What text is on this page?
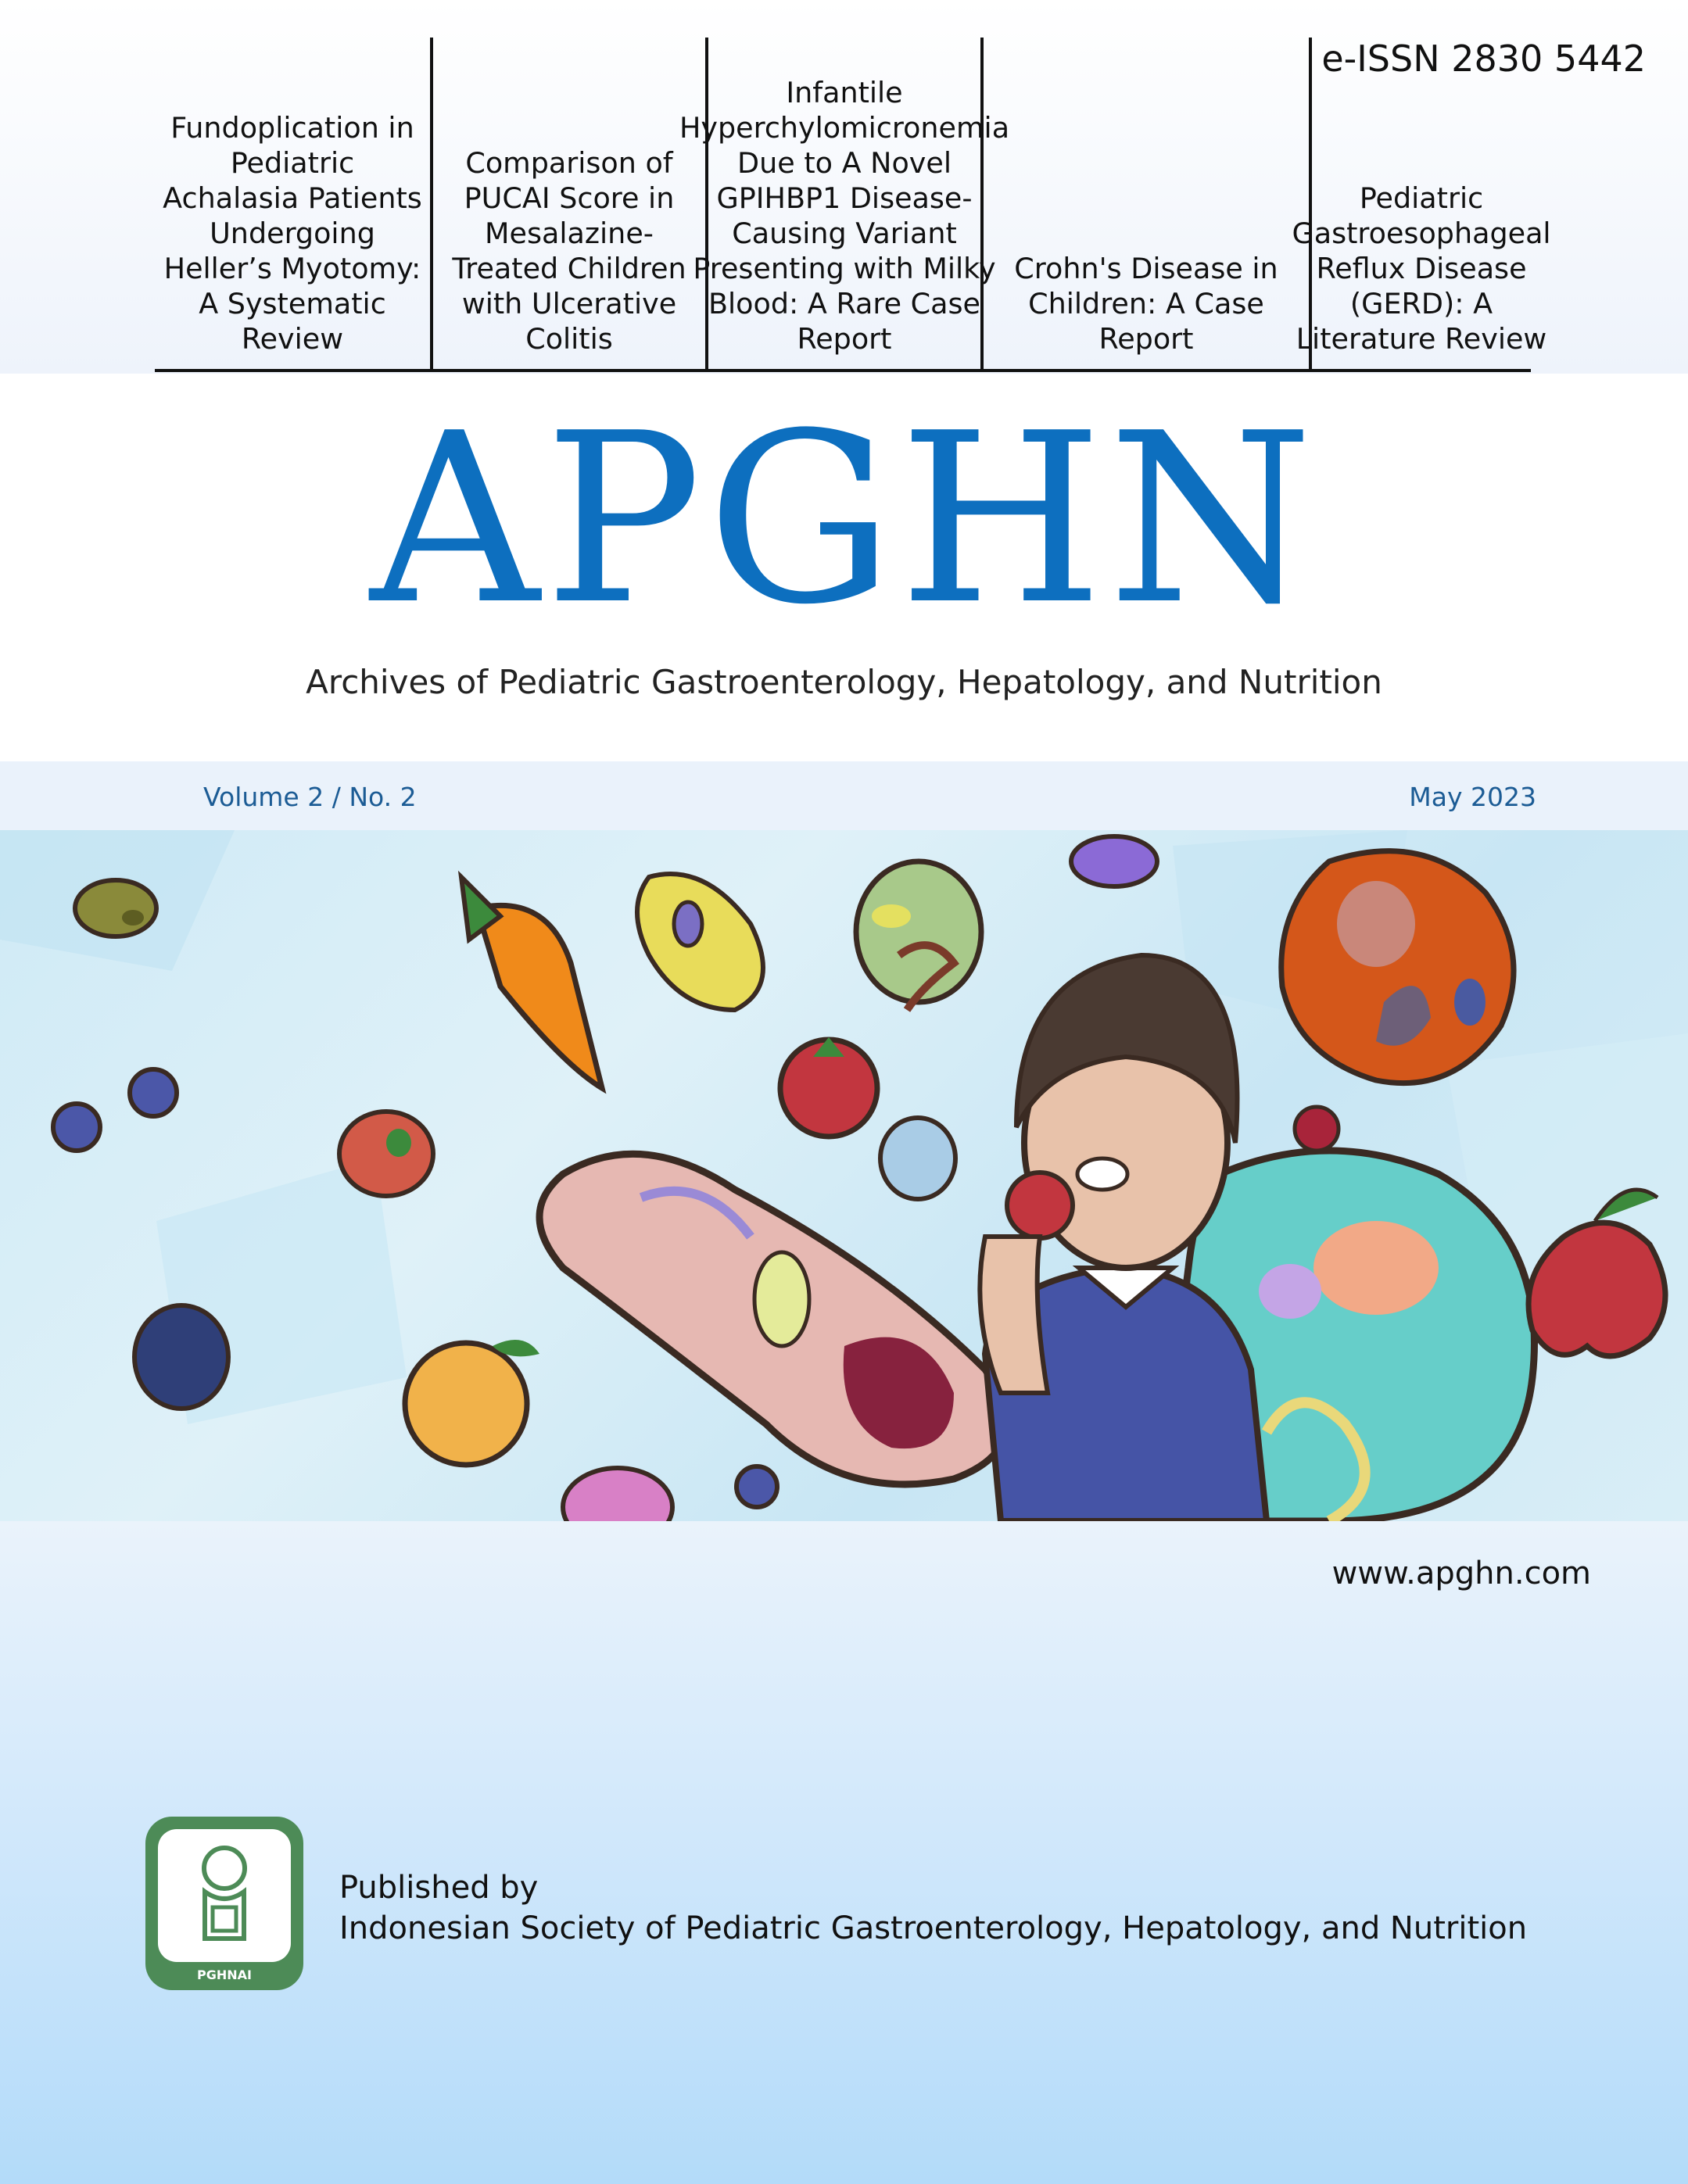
e-ISSN 2830 5442
Fundoplication in Pediatric Achalasia Patients Undergoing Heller’s Myotomy: A Systematic Review
Comparison of PUCAI Score in Mesalazine-Treated Children with Ulcerative Colitis
Infantile Hyperchylomicronemia Due to A Novel GPIHBP1 Disease-Causing Variant Presenting with Milky Blood: A Rare Case Report
Crohn's Disease in Children: A Case Report
Pediatric Gastroesophageal Reflux Disease (GERD): A Literature Review
APGHN
Archives of Pediatric Gastroenterology, Hepatology, and Nutrition
Volume 2 / No. 2	May 2023
www.apghn.com
PGHNAI
Published by
Indonesian Society of Pediatric Gastroenterology, Hepatology, and Nutrition
